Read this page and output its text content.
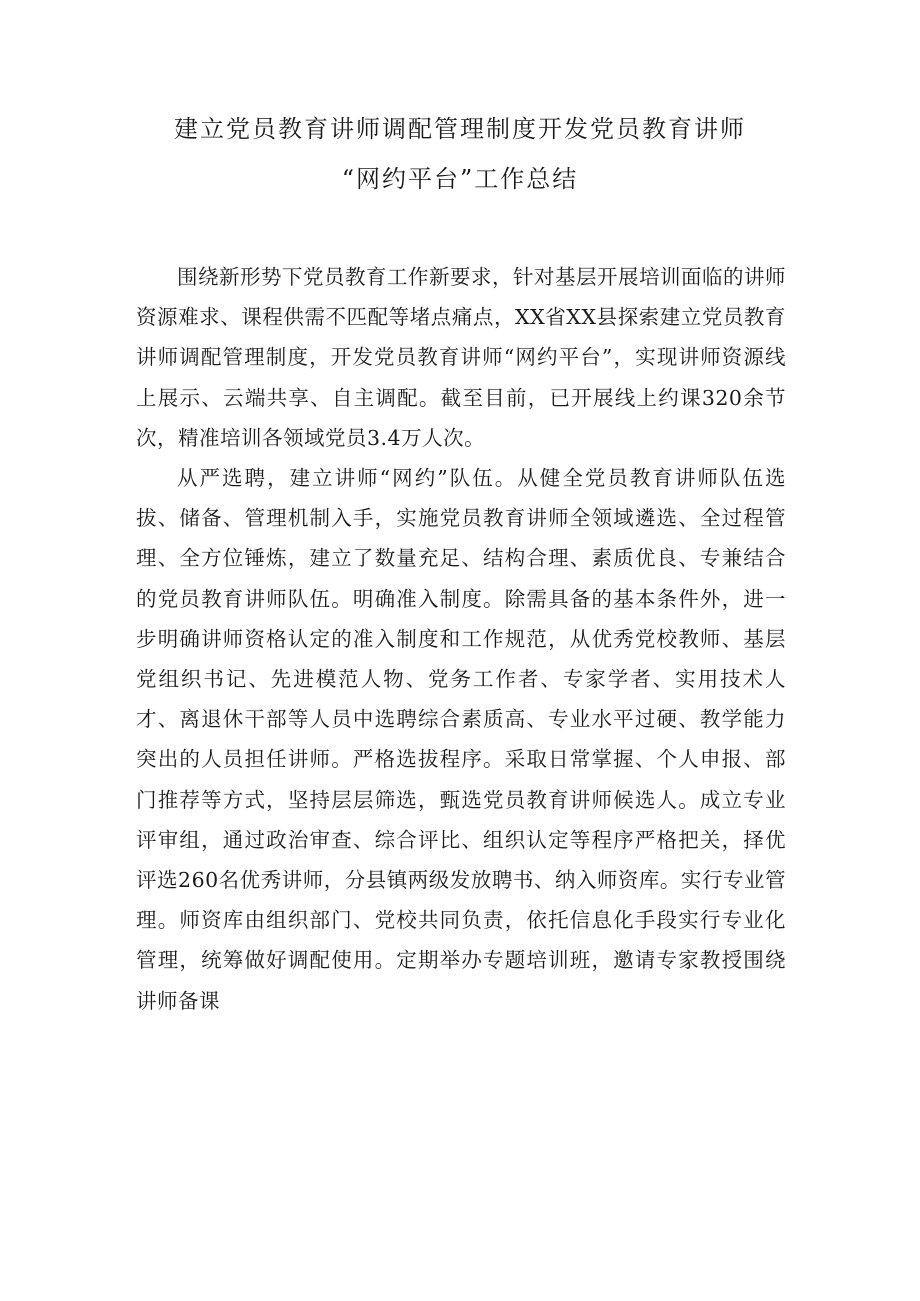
建立党员教育讲师调配管理制度开发党员教育讲师
“网约平台”工作总结

围绕新形势下党员教育工作新要求，针对基层开展培训面临的讲师资源难求、课程供需不匹配等堵点痛点，XX省XX县探索建立党员教育讲师调配管理制度，开发党员教育讲师“网约平台”，实现讲师资源线上展示、云端共享、自主调配。截至目前，已开展线上约课320余节次，精准培训各领域党员3.4万人次。

从严选聘，建立讲师“网约”队伍。从健全党员教育讲师队伍选拔、储备、管理机制入手，实施党员教育讲师全领域遴选、全过程管理、全方位锤炼，建立了数量充足、结构合理、素质优良、专兼结合的党员教育讲师队伍。明确准入制度。除需具备的基本条件外，进一步明确讲师资格认定的准入制度和工作规范，从优秀党校教师、基层党组织书记、先进模范人物、党务工作者、专家学者、实用技术人才、离退休干部等人员中选聘综合素质高、专业水平过硬、教学能力突出的人员担任讲师。严格选拔程序。采取日常掌握、个人申报、部门推荐等方式，坚持层层筛选，甄选党员教育讲师候选人。成立专业评审组，通过政治审查、综合评比、组织认定等程序严格把关，择优评选260名优秀讲师，分县镇两级发放聘书、纳入师资库。实行专业管理。师资库由组织部门、党校共同负责，依托信息化手段实行专业化管理，统筹做好调配使用。定期举办专题培训班，邀请专家教授围绕讲师备课
